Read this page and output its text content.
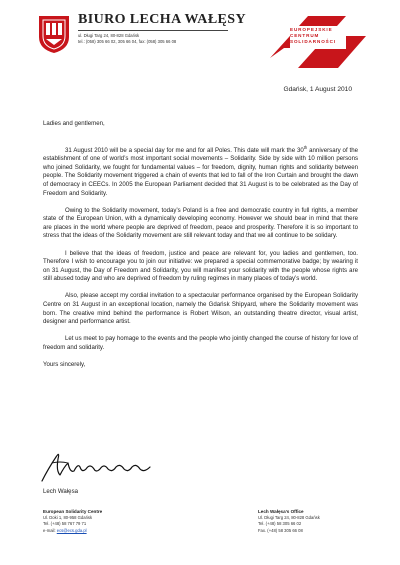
BIURO LECHA WAŁĘSY
ul. Długi Targ 24, 80-828 Gdańsk
tel.: (058) 305 66 02, 305 66 04, fax: (058) 305 66 08
EUROPEJSKIE
CENTRUM
SOLIDARNOŚCI
Gdańsk, 1 August 2010

Ladies and gentlemen,

31 August 2010 will be a special day for me and for all Poles. This date will mark the 30th anniversary of the establishment of one of world’s most important social movements – Solidarity. Side by side with 10 million persons who joined Solidarity, we fought for fundamental values – for freedom, dignity, human rights and solidarity between people. The Solidarity movement triggered a chain of events that led to fall of the Iron Curtain and brought the dawn of democracy in CEECs. In 2005 the European Parliament decided that 31 August is to be celebrated as the Day of Freedom and Solidarity.

Owing to the Solidarity movement, today’s Poland is a free and democratic country in full rights, a member state of the European Union, with a dynamically developing economy. However we should bear in mind that there are places in the world where people are deprived of freedom, peace and prosperity. Therefore it is so important to stress that the ideas of the Solidarity movement are still relevant today and that we all continue to be solidary.

I believe that the ideas of freedom, justice and peace are relevant for, you ladies and gentlemen, too. Therefore I wish to encourage you to join our initiative: we prepared a special commemorative badge; by wearing it on 31 August, the Day of Freedom and Solidarity, you will manifest your solidarity with the people whose rights are still abused today and who are deprived of freedom by ruling regimes in many places of today’s world.

Also, please accept my cordial invitation to a spectacular performance organised by the European Solidarity Centre on 31 August in an exceptional location, namely the Gdańsk Shipyard, where the Solidarity movement was born. The creative mind behind the performance is Robert Wilson, an outstanding theatre director, visual artist, designer and performance artist.

Let us meet to pay homage to the events and the people who jointly changed the course of history for love of freedom and solidarity.

Yours sincerely,

Lech Wałęsa
European Solidarity Centre
Ul. Doki 1, 80-958 Gdańsk
Tel. (+48) 58 767 79 71
e-mail: ecs@ecs.gda.pl
Lech Wałęsa’s Office
Ul. Długi Targ 24, 80-828 Gdańsk
Tel. (+48) 58 305 66 02
Fax. (+48) 58 305 66 08
